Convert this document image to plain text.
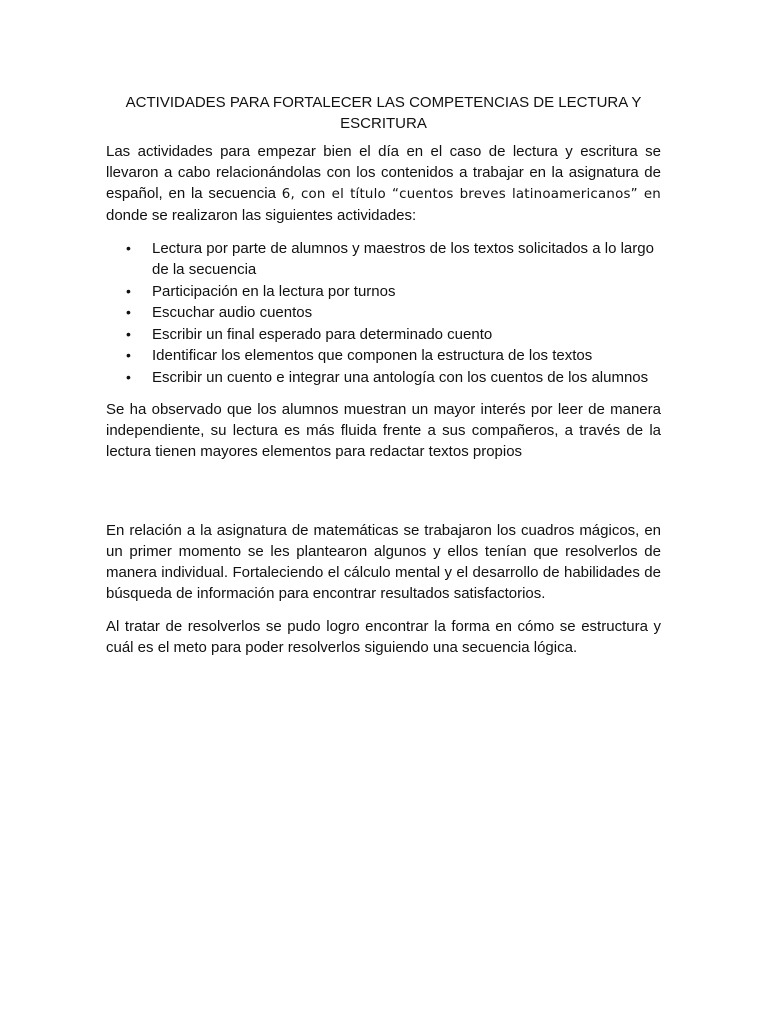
ACTIVIDADES PARA FORTALECER LAS COMPETENCIAS DE LECTURA Y ESCRITURA

Las actividades para empezar bien el día en el caso de lectura y escritura se llevaron a cabo relacionándolas con los contenidos a trabajar en la asignatura de español, en la secuencia 6, con el título “cuentos breves latinoamericanos” en donde se realizaron las siguientes actividades:

• Lectura por parte de alumnos y maestros de los textos solicitados a lo largo de la secuencia
• Participación en la lectura por turnos
• Escuchar audio cuentos
• Escribir un final esperado para determinado cuento
• Identificar los elementos que componen la estructura de los textos
• Escribir un cuento e integrar una antología con los cuentos de los alumnos

Se ha observado que los alumnos muestran un mayor interés por leer de manera independiente, su lectura es más fluida frente a sus compañeros, a través de la lectura tienen mayores elementos para redactar textos propios

En relación a la asignatura de matemáticas se trabajaron los cuadros mágicos, en un primer momento se les plantearon algunos y ellos tenían que resolverlos de manera individual. Fortaleciendo el cálculo mental y el desarrollo de habilidades de búsqueda de información para encontrar resultados satisfactorios.

Al tratar de resolverlos se pudo logro encontrar la forma en cómo se estructura y cuál es el meto para poder resolverlos siguiendo una secuencia lógica.
